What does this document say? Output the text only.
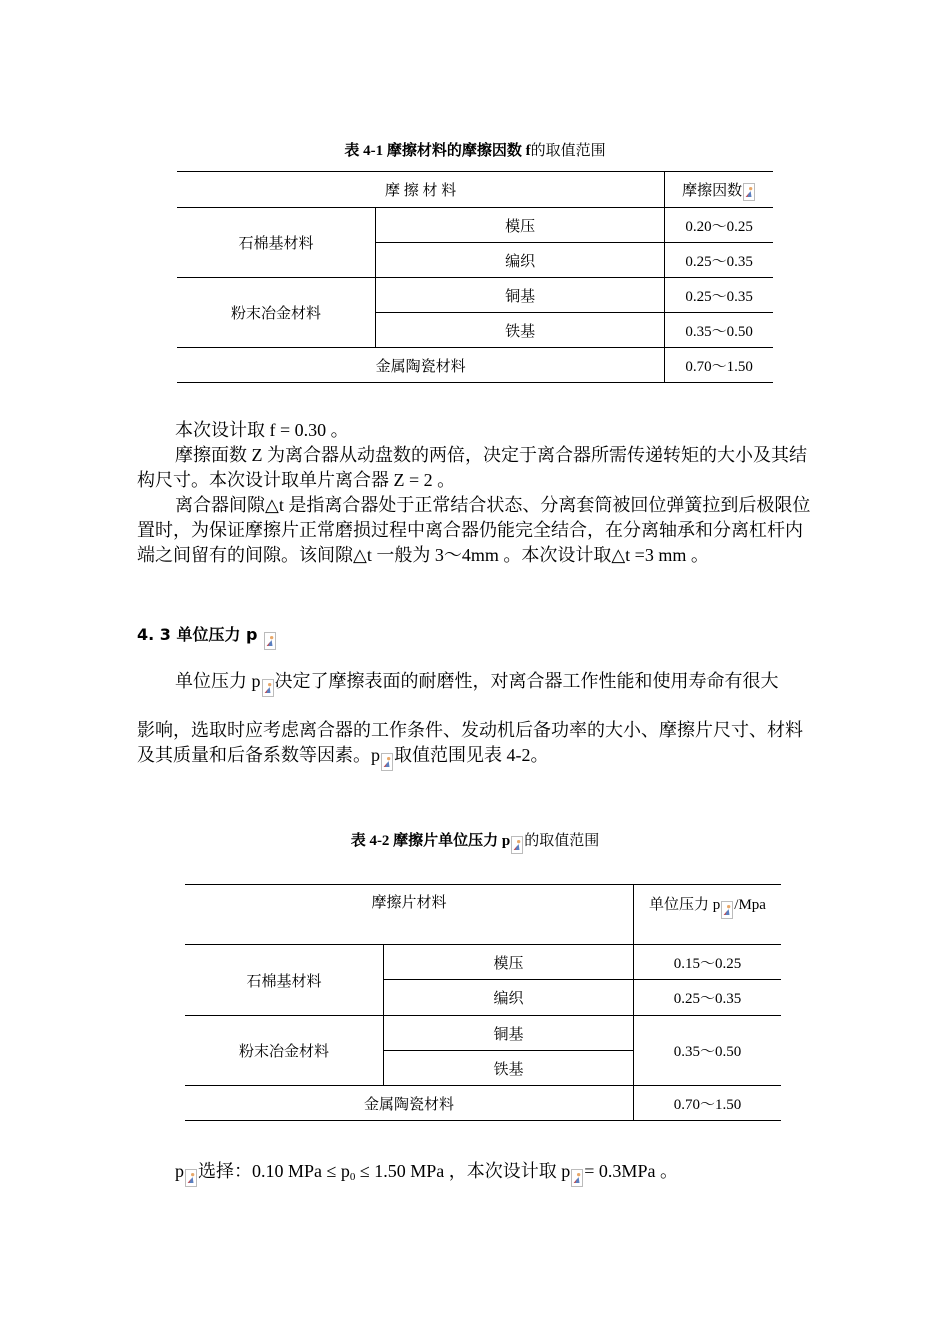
表 4-1 摩擦材料的摩擦因数 f的取值范围
摩 擦 材 料		摩擦因数

石棉基材料	模压	0.20～0.25
	编织	0.25～0.35
粉末冶金材料	铜基	0.25～0.35
	铁基	0.35～0.50
金属陶瓷材料		0.70～1.50
本次设计取 f = 0.30 。
摩擦面数 Z 为离合器从动盘数的两倍，决定于离合器所需传递转矩的大小及其结构尺寸。本次设计取单片离合器 Z = 2 。
离合器间隙△t 是指离合器处于正常结合状态、分离套筒被回位弹簧拉到后极限位置时，为保证摩擦片正常磨损过程中离合器仍能完全结合，在分离轴承和分离杠杆内端之间留有的间隙。该间隙△t 一般为 3～4mm 。本次设计取△t =3 mm 。
4. 3 单位压力 p
单位压力 p 决定了摩擦表面的耐磨性，对离合器工作性能和使用寿命有很大
影响，选取时应考虑离合器的工作条件、发动机后备功率的大小、摩擦片尺寸、材料及其质量和后备系数等因素。p 取值范围见表 4-2。
表 4-2 摩擦片单位压力 p 的取值范围
摩擦片材料		单位压力 p /Mpa
石棉基材料	模压	0.15～0.25
	编织	0.25～0.35
粉末冶金材料	铜基	0.35～0.50
	铁基	
金属陶瓷材料		0.70～1.50
p 选择：0.10 MPa ≤ $p_0 \le 1.50$ MPa ，本次设计取 p = 0.3MPa 。
